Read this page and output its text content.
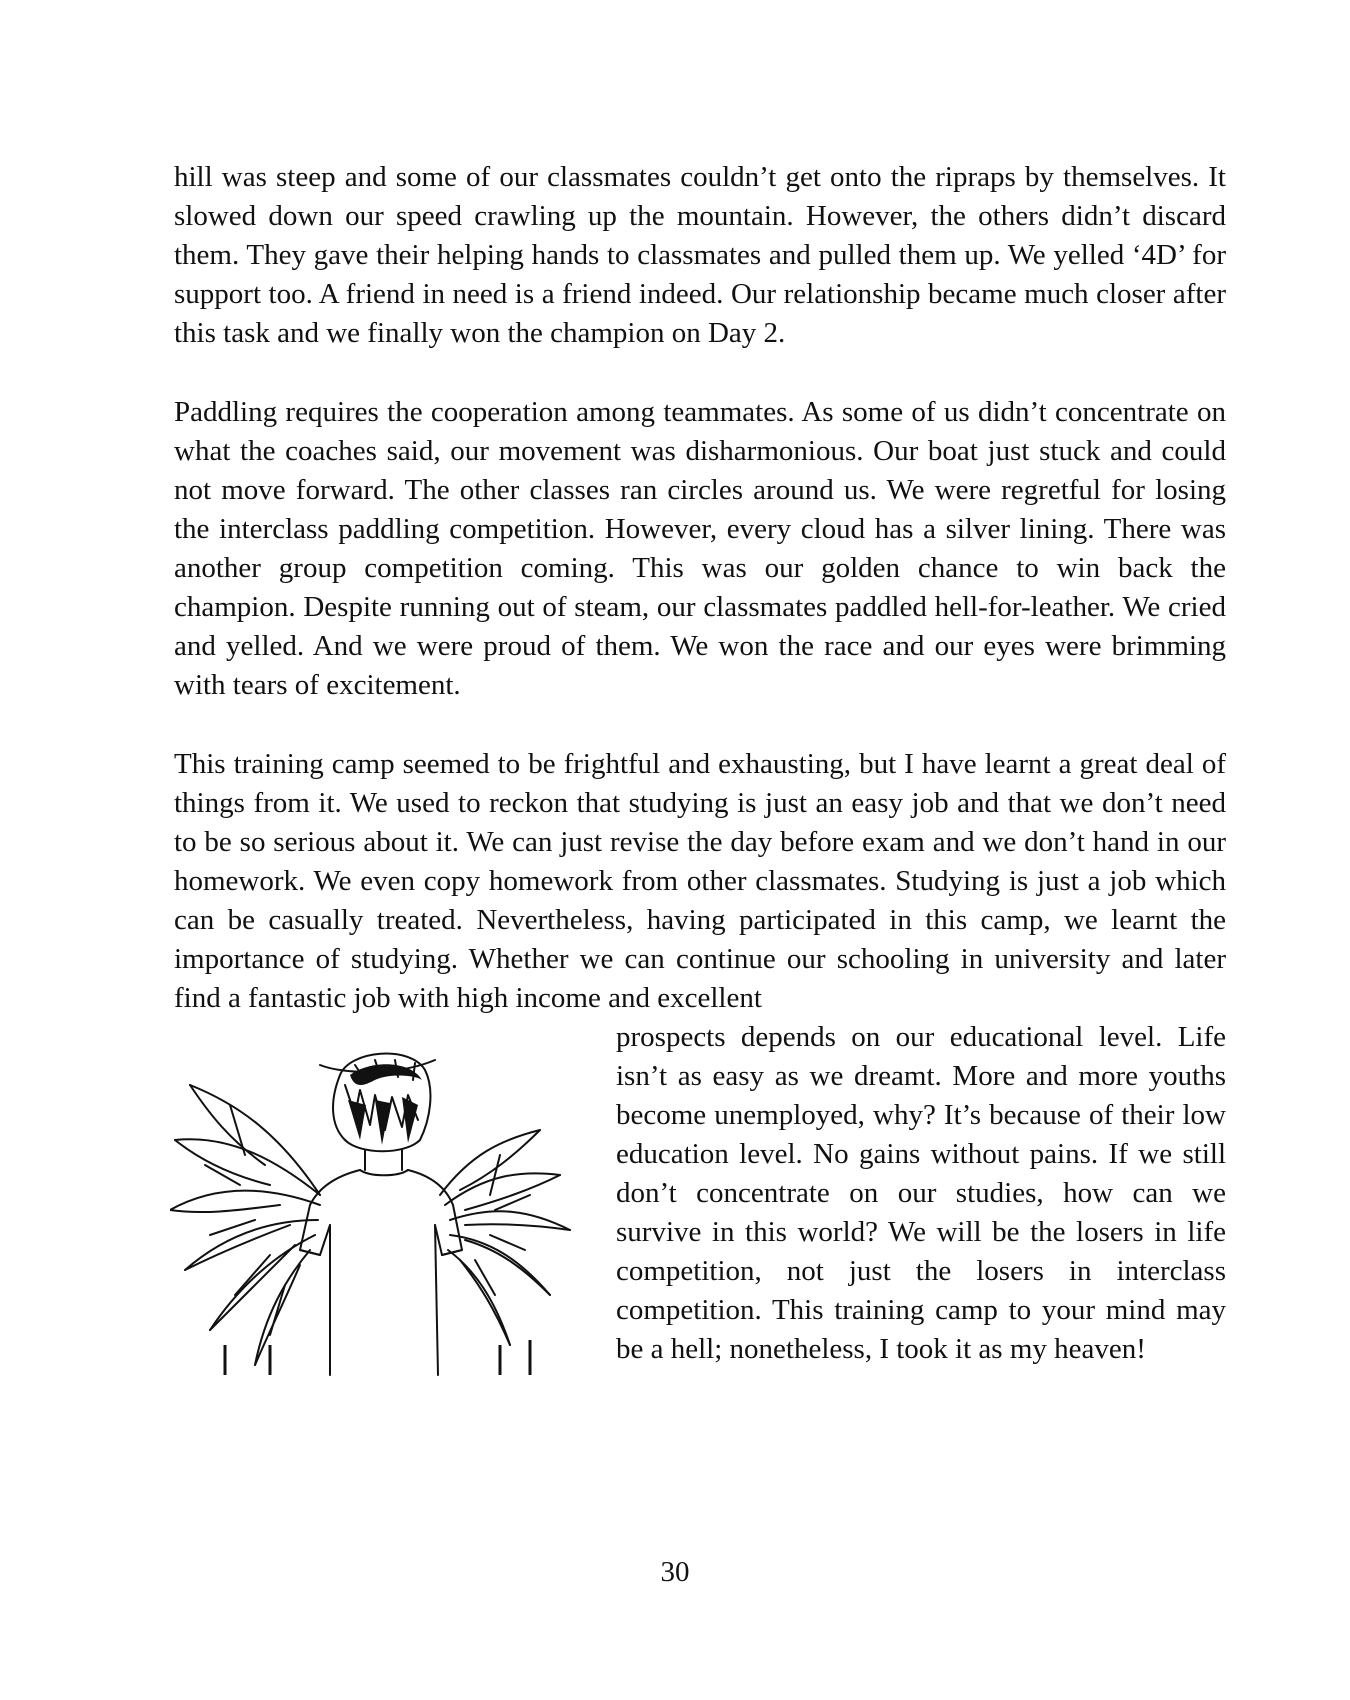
hill was steep and some of our classmates couldn’t get onto the ripraps by themselves. It slowed down our speed crawling up the mountain. However, the others didn’t discard them. They gave their helping hands to classmates and pulled them up. We yelled ‘4D’ for support too. A friend in need is a friend indeed. Our relationship became much closer after this task and we finally won the champion on Day 2.

Paddling requires the cooperation among teammates. As some of us didn’t concentrate on what the coaches said, our movement was disharmonious. Our boat just stuck and could not move forward. The other classes ran circles around us. We were regretful for losing the interclass paddling competition. However, every cloud has a silver lining. There was another group competition coming. This was our golden chance to win back the champion. Despite running out of steam, our classmates paddled hell-for-leather. We cried and yelled. And we were proud of them. We won the race and our eyes were brimming with tears of excitement.

This training camp seemed to be frightful and exhausting, but I have learnt a great deal of things from it. We used to reckon that studying is just an easy job and that we don’t need to be so serious about it. We can just revise the day before exam and we don’t hand in our homework. We even copy homework from other classmates. Studying is just a job which can be casually treated. Nevertheless, having participated in this camp, we learnt the importance of studying. Whether we can continue our schooling in university and later find a fantastic job with high income and excellent

prospects depends on our educational level. Life isn’t as easy as we dreamt. More and more youths become unemployed, why? It’s because of their low education level. No gains without pains. If we still don’t concentrate on our studies, how can we survive in this world? We will be the losers in life competition, not just the losers in interclass competition. This training camp to your mind may be a hell; nonetheless, I took it as my heaven!

30
